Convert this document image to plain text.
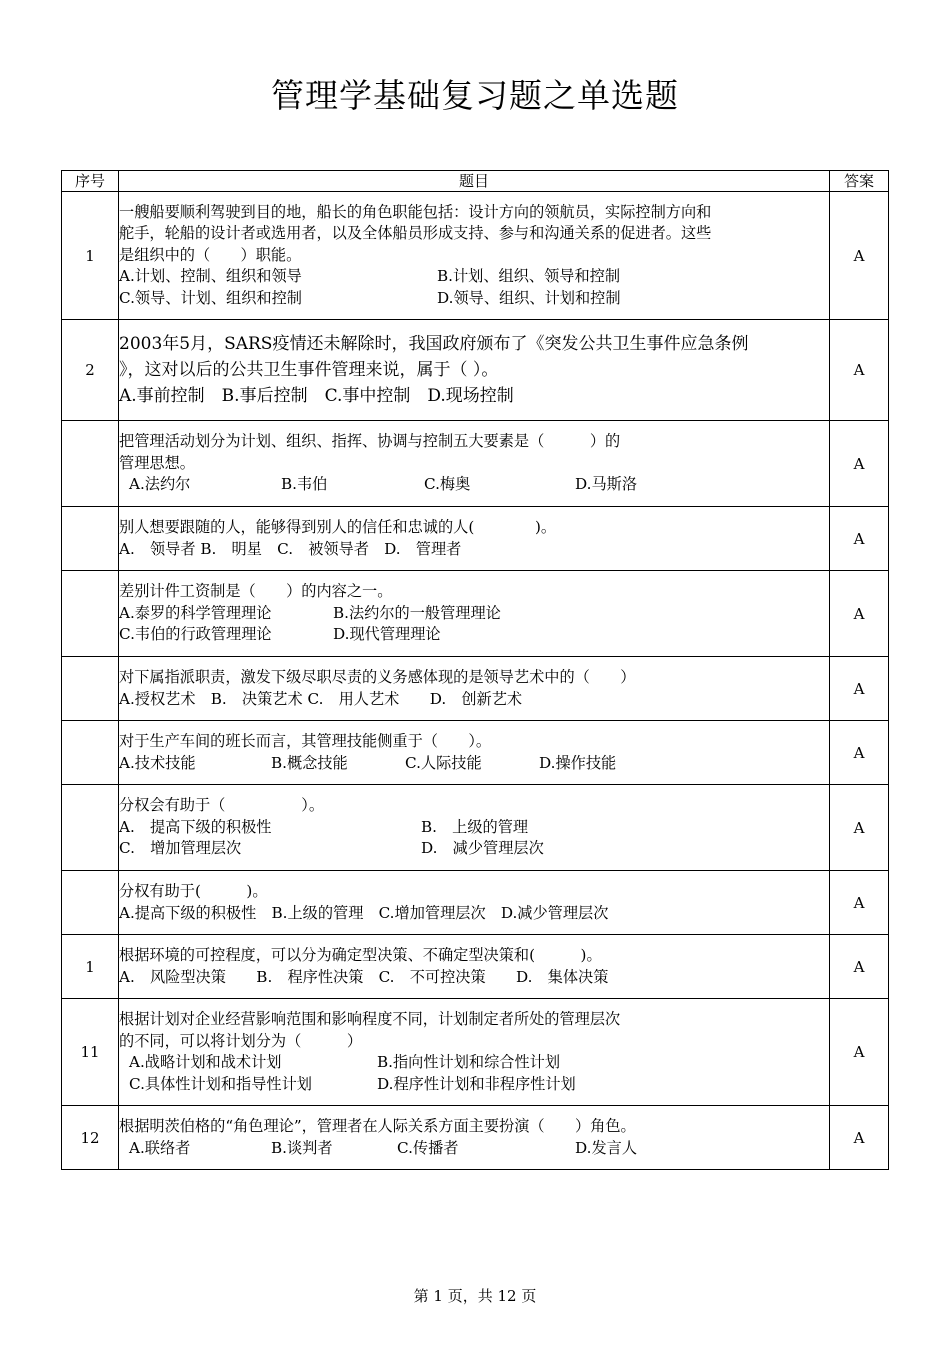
管理学基础复习题之单选题
序号	题目	答案
1	一艘船要顺利驾驶到目的地，船长的角色职能包括：设计方向的领航员，实际控制方向和
舵手，轮船的设计者或选用者，以及全体船员形成支持、参与和沟通关系的促进者。这些
是组织中的（　　）职能。
A.计划、控制、组织和领导 B.计划、组织、领导和控制
C.领导、计划、组织和控制 D.领导、组织、计划和控制	A
2	2003年5月，SARS疫情还未解除时，我国政府颁布了《突发公共卫生事件应急条例
》，这对以后的公共卫生事件管理来说，属于（ ）。
A.事前控制　B.事后控制　C.事中控制　D.现场控制	A

	把管理活动划分为计划、组织、指挥、协调与控制五大要素是（　　　）的
管理思想。
A.法约尔 B.韦伯 C.梅奥 D.马斯洛	A

	别人想要跟随的人，能够得到别人的信任和忠诚的人(　　　　)。
A.　领导者 B.　明星　C.　被领导者　D.　管理者	A

	差别计件工资制是（　　）的内容之一。
A.泰罗的科学管理理论 B.法约尔的一般管理理论
C.韦伯的行政管理理论 D.现代管理理论	A

	对下属指派职责，激发下级尽职尽责的义务感体现的是领导艺术中的（　　）
A.授权艺术　B.　决策艺术 C.　用人艺术　　D.　创新艺术	A

	对于生产车间的班长而言，其管理技能侧重于（　　）。
A.技术技能 B.概念技能 C.人际技能 D.操作技能	A

	分权会有助于（　　　　　）。
A.　提高下级的积极性 B.　上级的管理
C.　增加管理层次 D.　减少管理层次	A

	分权有助于(　　　)。
A.提高下级的积极性　B.上级的管理　C.增加管理层次　D.减少管理层次	A
1	根据环境的可控程度，可以分为确定型决策、不确定型决策和(　　　)。
A.　风险型决策　　B.　程序性决策　C.　不可控决策　　D.　集体决策	A
11	根据计划对企业经营影响范围和影响程度不同，计划制定者所处的管理层次
的不同，可以将计划分为（　　　）
A.战略计划和战术计划 B.指向性计划和综合性计划
C.具体性计划和指导性计划 D.程序性计划和非程序性计划	A
12	根据明茨伯格的“角色理论”，管理者在人际关系方面主要扮演（　　）角色。
A.联络者 B.谈判者 C.传播者 D.发言人	A
第 1 页，共 12 页
